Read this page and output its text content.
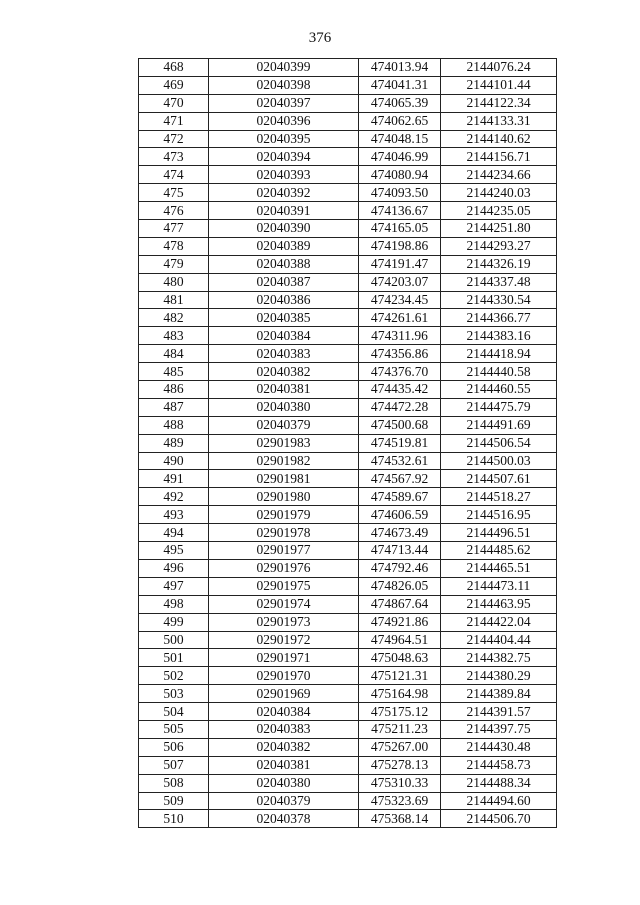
376
468	02040399	474013.94	2144076.24
469	02040398	474041.31	2144101.44
470	02040397	474065.39	2144122.34
471	02040396	474062.65	2144133.31
472	02040395	474048.15	2144140.62
473	02040394	474046.99	2144156.71
474	02040393	474080.94	2144234.66
475	02040392	474093.50	2144240.03
476	02040391	474136.67	2144235.05
477	02040390	474165.05	2144251.80
478	02040389	474198.86	2144293.27
479	02040388	474191.47	2144326.19
480	02040387	474203.07	2144337.48
481	02040386	474234.45	2144330.54
482	02040385	474261.61	2144366.77
483	02040384	474311.96	2144383.16
484	02040383	474356.86	2144418.94
485	02040382	474376.70	2144440.58
486	02040381	474435.42	2144460.55
487	02040380	474472.28	2144475.79
488	02040379	474500.68	2144491.69
489	02901983	474519.81	2144506.54
490	02901982	474532.61	2144500.03
491	02901981	474567.92	2144507.61
492	02901980	474589.67	2144518.27
493	02901979	474606.59	2144516.95
494	02901978	474673.49	2144496.51
495	02901977	474713.44	2144485.62
496	02901976	474792.46	2144465.51
497	02901975	474826.05	2144473.11
498	02901974	474867.64	2144463.95
499	02901973	474921.86	2144422.04
500	02901972	474964.51	2144404.44
501	02901971	475048.63	2144382.75
502	02901970	475121.31	2144380.29
503	02901969	475164.98	2144389.84
504	02040384	475175.12	2144391.57
505	02040383	475211.23	2144397.75
506	02040382	475267.00	2144430.48
507	02040381	475278.13	2144458.73
508	02040380	475310.33	2144488.34
509	02040379	475323.69	2144494.60
510	02040378	475368.14	2144506.70
